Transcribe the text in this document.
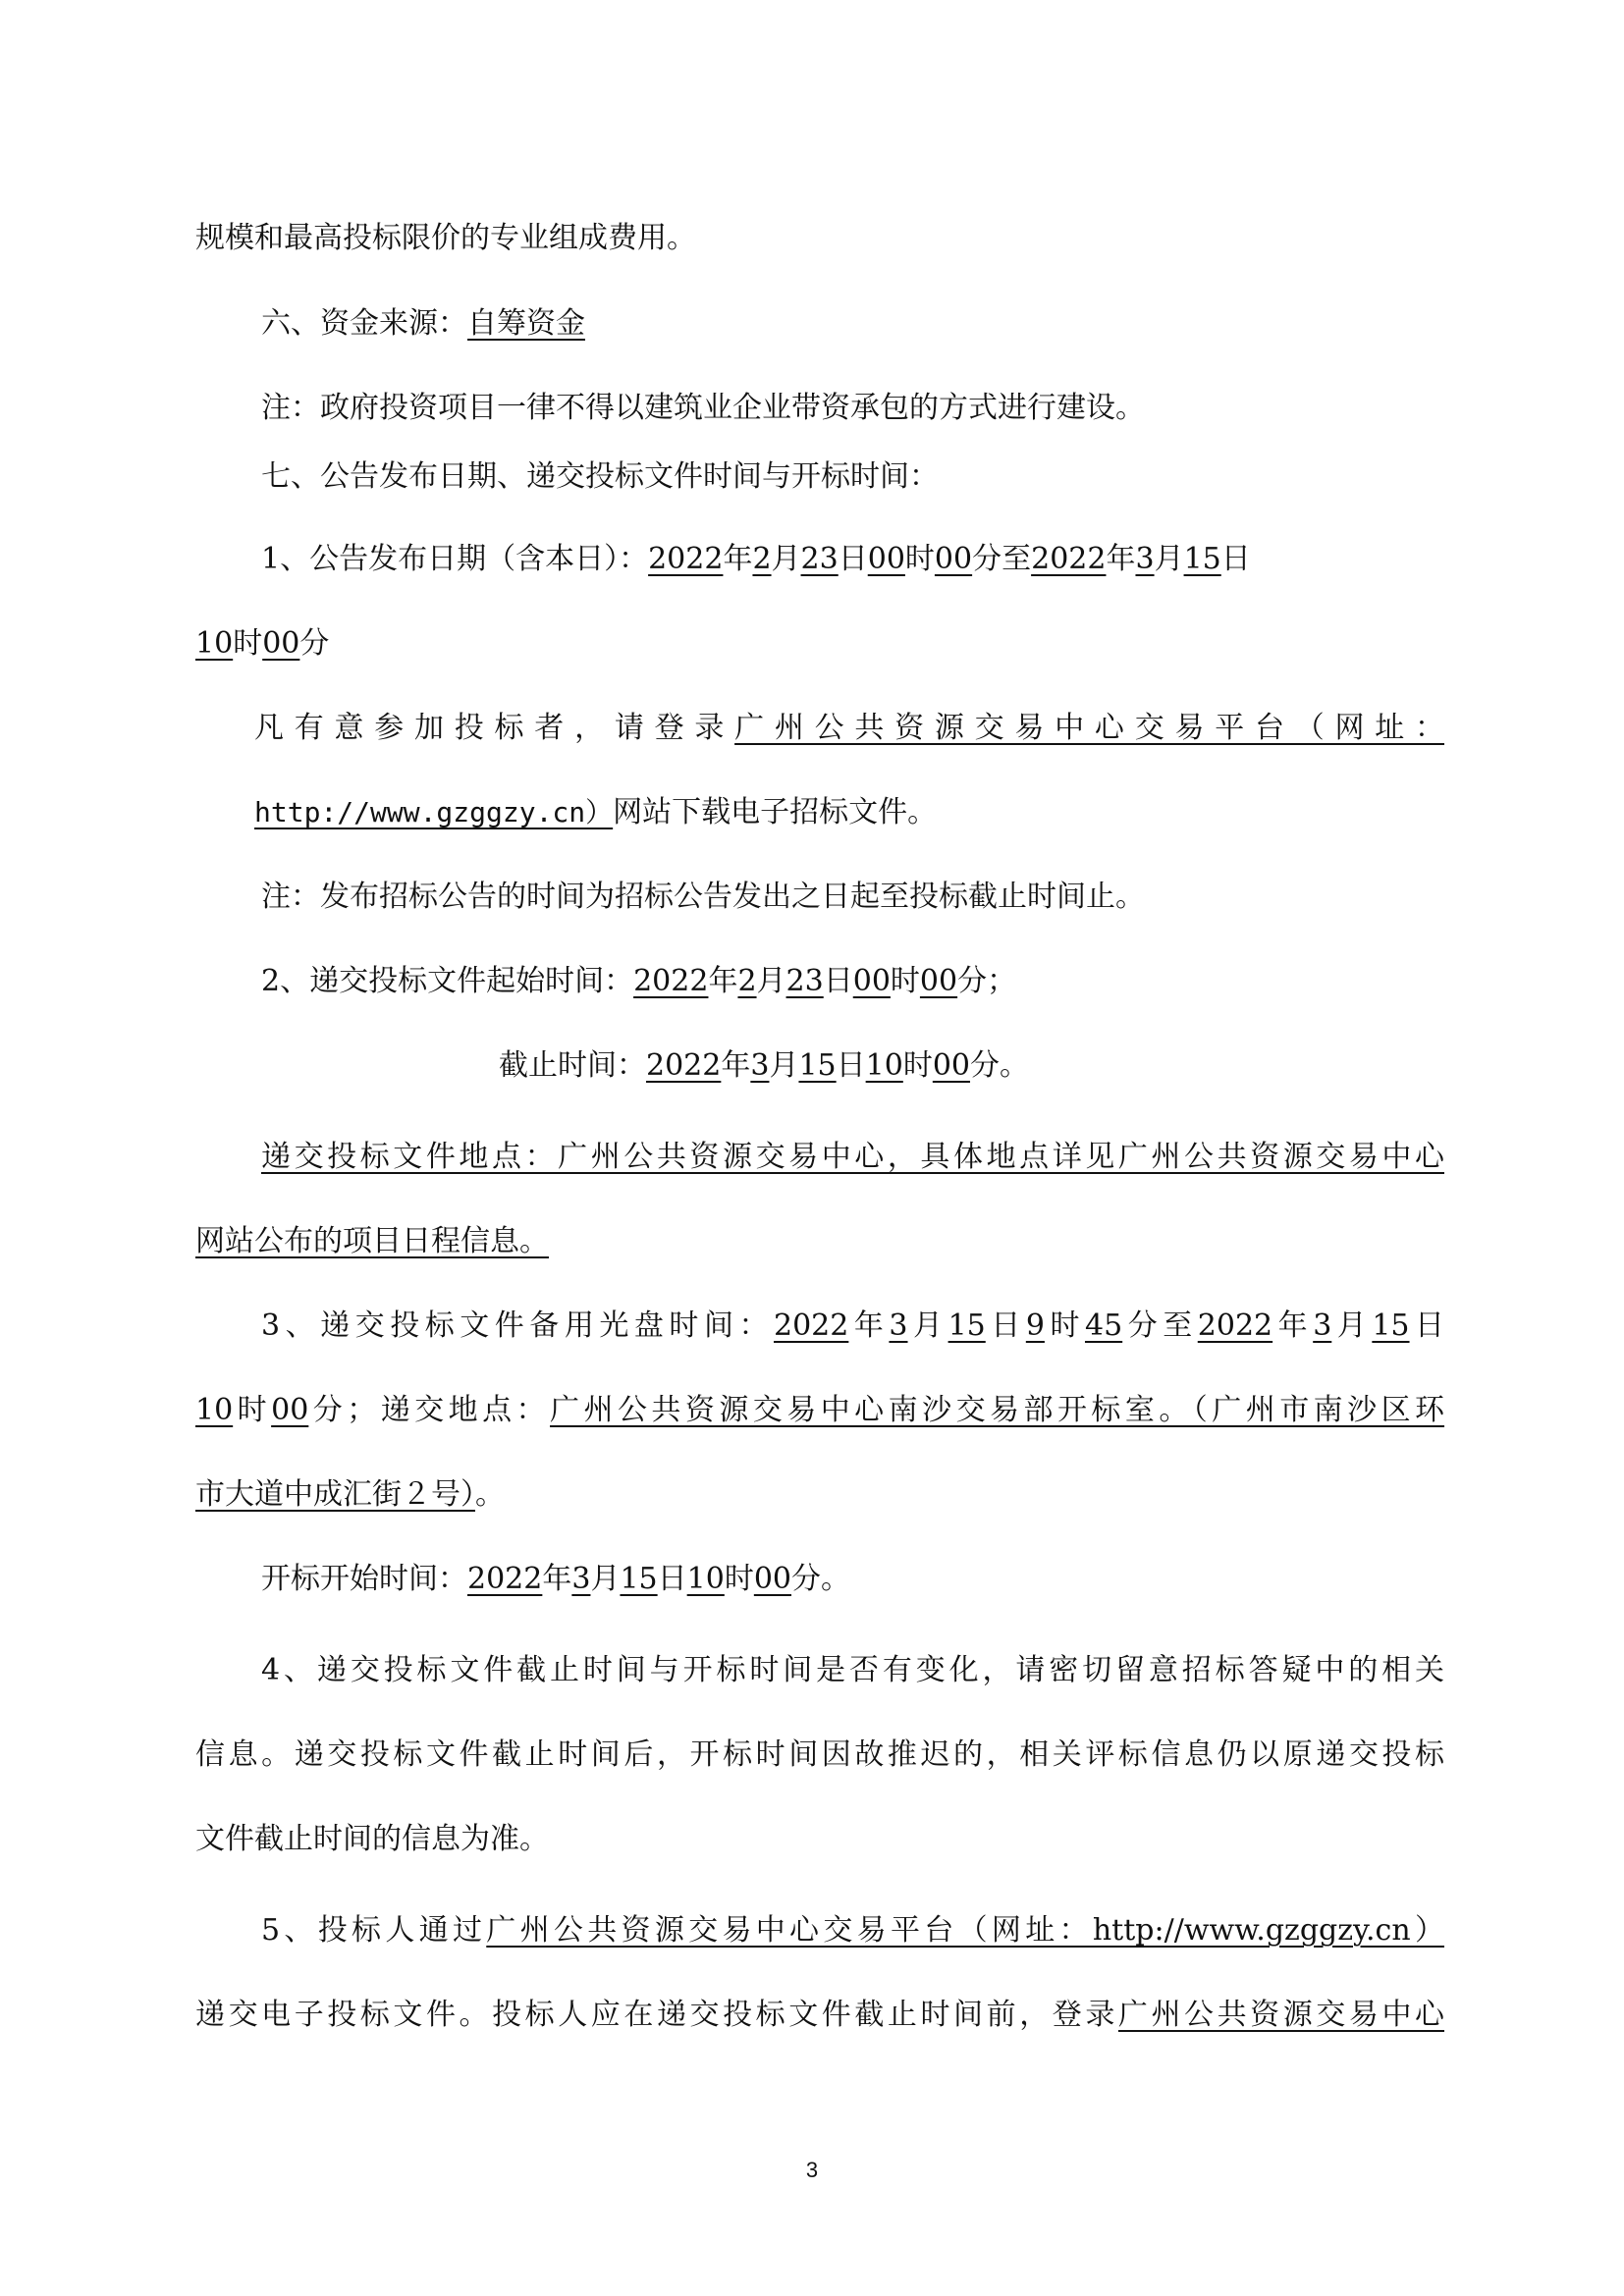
规模和最高投标限价的专业组成费用。
六、资金来源：自筹资金
注：政府投资项目一律不得以建筑业企业带资承包的方式进行建设。
七、公告发布日期、递交投标文件时间与开标时间：
1、公告发布日期（含本日）：2022年2月23日00时00分至2022年3月15日
10时00分
凡有意参加投标者，请登录广州公共资源交易中心交易平台（网址：
http://www.gzggzy.cn）网站下载电子招标文件。
注：发布招标公告的时间为招标公告发出之日起至投标截止时间止。
2、递交投标文件起始时间：2022年2月23日00时00分；
截止时间：2022年3月15日10时00分。
递交投标文件地点：广州公共资源交易中心，具体地点详见广州公共资源交易中心
网站公布的项目日程信息。
3、递交投标文件备用光盘时间：2022年3月15日9时45分至2022年3月15日
10时00分；递交地点：广州公共资源交易中心南沙交易部开标室。（广州市南沙区环
市大道中成汇街２号）。
开标开始时间：2022年3月15日10时00分。
4、递交投标文件截止时间与开标时间是否有变化，请密切留意招标答疑中的相关
信息。递交投标文件截止时间后，开标时间因故推迟的，相关评标信息仍以原递交投标
文件截止时间的信息为准。
5、投标人通过广州公共资源交易中心交易平台（网址：http://www.gzggzy.cn）
递交电子投标文件。投标人应在递交投标文件截止时间前，登录广州公共资源交易中心
3
